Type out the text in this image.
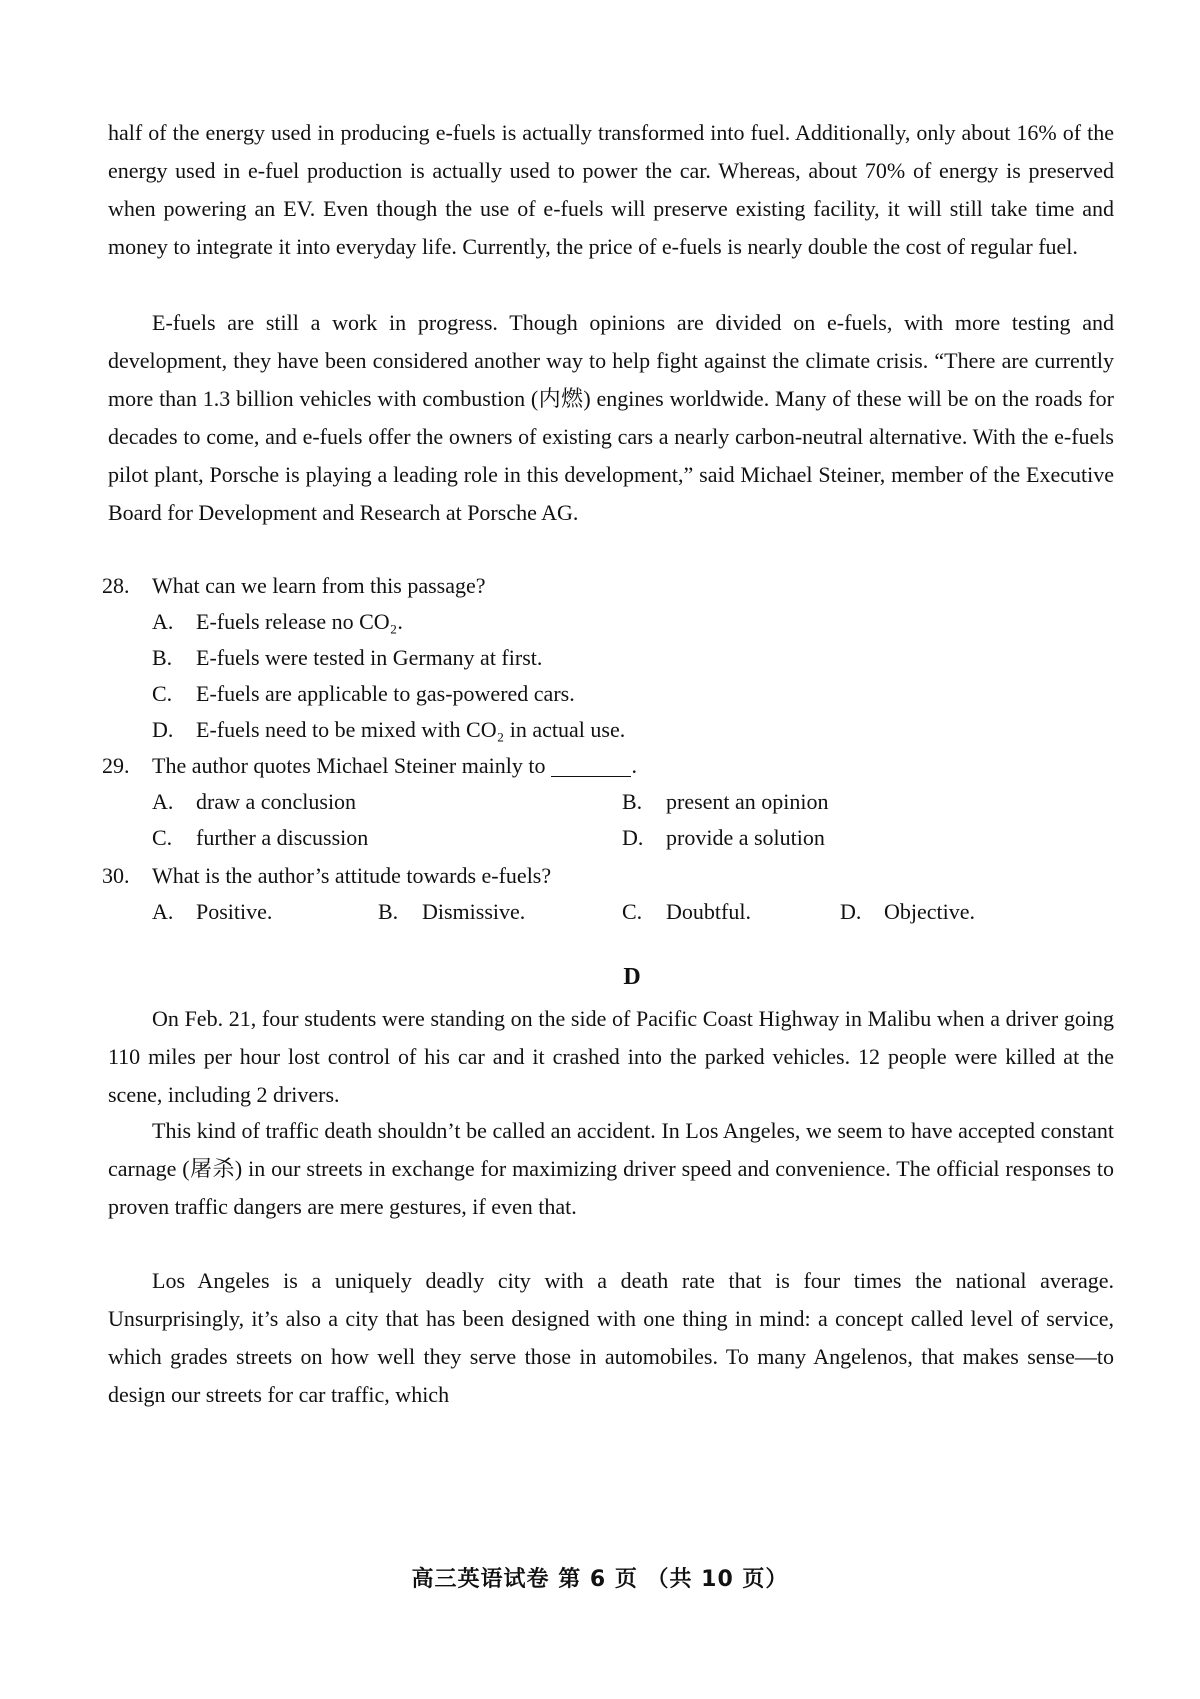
half of the energy used in producing e-fuels is actually transformed into fuel. Additionally, only about 16% of the energy used in e-fuel production is actually used to power the car. Whereas, about 70% of energy is preserved when powering an EV. Even though the use of e-fuels will preserve existing facility, it will still take time and money to integrate it into everyday life. Currently, the price of e-fuels is nearly double the cost of regular fuel.

E-fuels are still a work in progress. Though opinions are divided on e-fuels, with more testing and development, they have been considered another way to help fight against the climate crisis. “There are currently more than 1.3 billion vehicles with combustion (内燃) engines worldwide. Many of these will be on the roads for decades to come, and e-fuels offer the owners of existing cars a nearly carbon-neutral alternative. With the e-fuels pilot plant, Porsche is playing a leading role in this development,” said Michael Steiner, member of the Executive Board for Development and Research at Porsche AG.

28. What can we learn from this passage?
A. E-fuels release no CO₂.
B. E-fuels were tested in Germany at first.
C. E-fuels are applicable to gas-powered cars.
D. E-fuels need to be mixed with CO₂ in actual use.
29. The author quotes Michael Steiner mainly to	.
A. draw a conclusion	B. present an opinion
C. further a discussion	D. provide a solution
30. What is the author’s attitude towards e-fuels?
A. Positive.	B. Dismissive.	C. Doubtful.	D. Objective.
D

On Feb. 21, four students were standing on the side of Pacific Coast Highway in Malibu when a driver going 110 miles per hour lost control of his car and it crashed into the parked vehicles. 12 people were killed at the scene, including 2 drivers.

This kind of traffic death shouldn’t be called an accident. In Los Angeles, we seem to have accepted constant carnage (屠杀) in our streets in exchange for maximizing driver speed and convenience. The official responses to proven traffic dangers are mere gestures, if even that.

Los Angeles is a uniquely deadly city with a death rate that is four times the national average. Unsurprisingly, it’s also a city that has been designed with one thing in mind: a concept called level of service, which grades streets on how well they serve those in automobiles. To many Angelenos, that makes sense—to design our streets for car traffic, which

高三英语试卷 第 6 页 （共 10 页）
